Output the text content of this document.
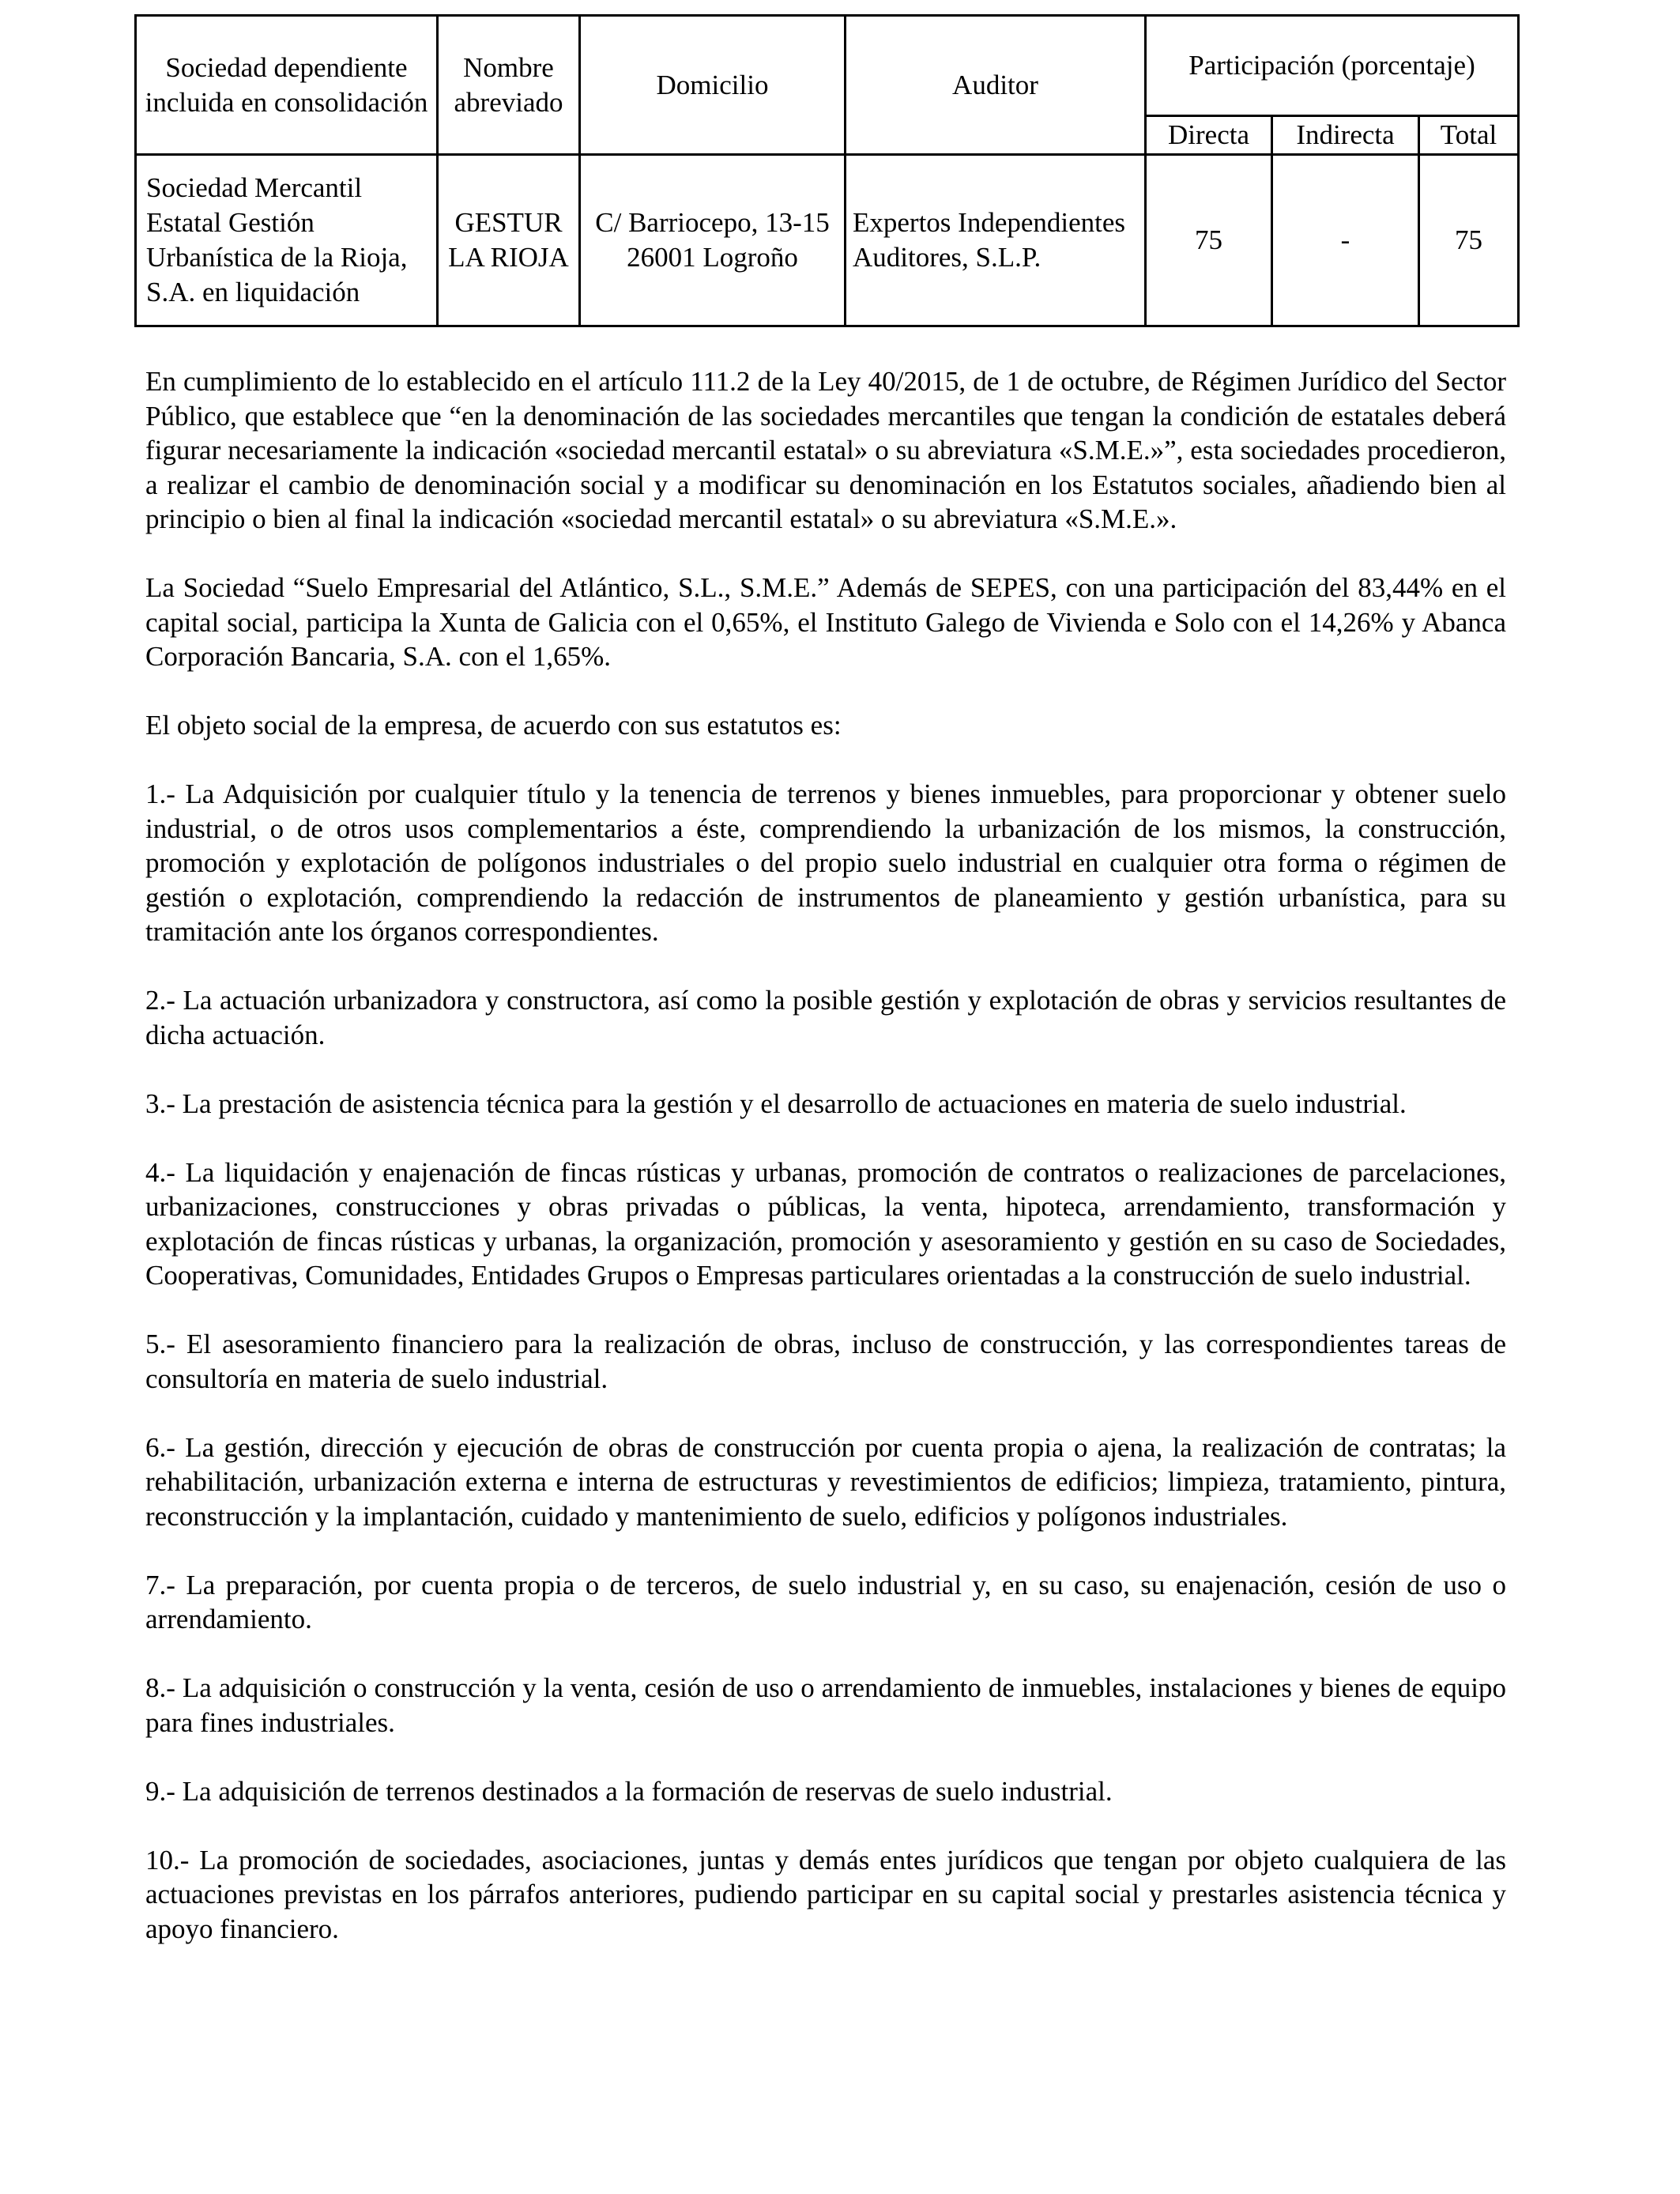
Sociedad dependiente incluida en consolidación	Nombre abreviado	Domicilio	Auditor	Participación (porcentaje)		
				Directa	Indirecta	Total
Sociedad Mercantil Estatal Gestión Urbanística de la Rioja, S.A. en liquidación	GESTUR LA RIOJA	C/ Barriocepo, 13-15 26001 Logroño	Expertos Independientes Auditores, S.L.P.	75	-	75

En cumplimiento de lo establecido en el artículo 111.2 de la Ley 40/2015, de 1 de octubre, de Régimen Jurídico del Sector Público, que establece que “en la denominación de las sociedades mercantiles que tengan la condición de estatales deberá figurar necesariamente la indicación «sociedad mercantil estatal» o su abreviatura «S.M.E.»”, esta sociedades procedieron, a realizar el cambio de denominación social y a modificar su denominación en los Estatutos sociales, añadiendo bien al principio o bien al final la indicación «sociedad mercantil estatal» o su abreviatura «S.M.E.».

La Sociedad “Suelo Empresarial del Atlántico, S.L., S.M.E.” Además de SEPES, con una participación del 83,44% en el capital social, participa la Xunta de Galicia con el 0,65%, el Instituto Galego de Vivienda e Solo con el 14,26% y Abanca Corporación Bancaria, S.A. con el 1,65%.

El objeto social de la empresa, de acuerdo con sus estatutos es:

1.- La Adquisición por cualquier título y la tenencia de terrenos y bienes inmuebles, para proporcionar y obtener suelo industrial, o de otros usos complementarios a éste, comprendiendo la urbanización de los mismos, la construcción, promoción y explotación de polígonos industriales o del propio suelo industrial en cualquier otra forma o régimen de gestión o explotación, comprendiendo la redacción de instrumentos de planeamiento y gestión urbanística, para su tramitación ante los órganos correspondientes.

2.- La actuación urbanizadora y constructora, así como la posible gestión y explotación de obras y servicios resultantes de dicha actuación.

3.- La prestación de asistencia técnica para la gestión y el desarrollo de actuaciones en materia de suelo industrial.

4.- La liquidación y enajenación de fincas rústicas y urbanas, promoción de contratos o realizaciones de parcelaciones, urbanizaciones, construcciones y obras privadas o públicas, la venta, hipoteca, arrendamiento, transformación y explotación de fincas rústicas y urbanas, la organización, promoción y asesoramiento y gestión en su caso de Sociedades, Cooperativas, Comunidades, Entidades Grupos o Empresas particulares orientadas a la construcción de suelo industrial.

5.- El asesoramiento financiero para la realización de obras, incluso de construcción, y las correspondientes tareas de consultoría en materia de suelo industrial.

6.- La gestión, dirección y ejecución de obras de construcción por cuenta propia o ajena, la realización de contratas; la rehabilitación, urbanización externa e interna de estructuras y revestimientos de edificios; limpieza, tratamiento, pintura, reconstrucción y la implantación, cuidado y mantenimiento de suelo, edificios y polígonos industriales.

7.- La preparación, por cuenta propia o de terceros, de suelo industrial y, en su caso, su enajenación, cesión de uso o arrendamiento.

8.- La adquisición o construcción y la venta, cesión de uso o arrendamiento de inmuebles, instalaciones y bienes de equipo para fines industriales.

9.- La adquisición de terrenos destinados a la formación de reservas de suelo industrial.

10.- La promoción de sociedades, asociaciones, juntas y demás entes jurídicos que tengan por objeto cualquiera de las actuaciones previstas en los párrafos anteriores, pudiendo participar en su capital social y prestarles asistencia técnica y apoyo financiero.
